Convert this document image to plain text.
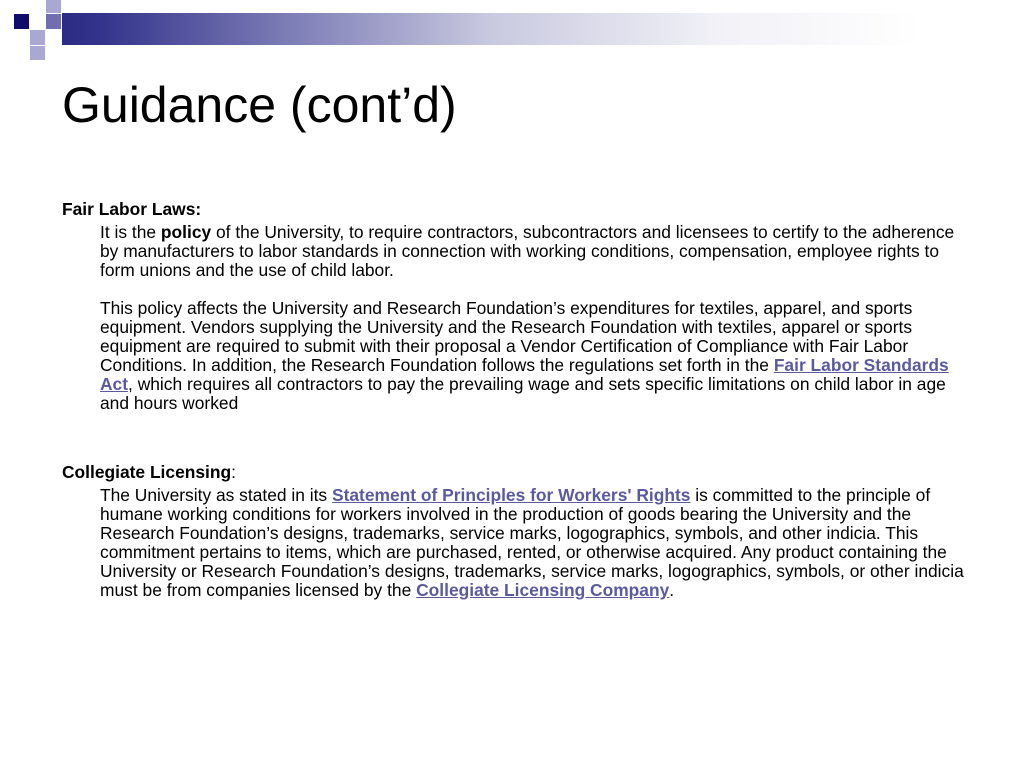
Guidance (cont’d)

Fair Labor Laws:

It is the policy of the University, to require contractors, subcontractors and licensees to certify to the adherence by manufacturers to labor standards in connection with working conditions, compensation, employee rights to form unions and the use of child labor.

This policy affects the University and Research Foundation’s expenditures for textiles, apparel, and sports equipment. Vendors supplying the University and the Research Foundation with textiles, apparel or sports equipment are required to submit with their proposal a Vendor Certification of Compliance with Fair Labor Conditions. In addition, the Research Foundation follows the regulations set forth in the Fair Labor Standards Act, which requires all contractors to pay the prevailing wage and sets specific limitations on child labor in age and hours worked

Collegiate Licensing:

The University as stated in its Statement of Principles for Workers' Rights is committed to the principle of humane working conditions for workers involved in the production of goods bearing the University and the Research Foundation’s designs, trademarks, service marks, logographics, symbols, and other indicia. This commitment pertains to items, which are purchased, rented, or otherwise acquired. Any product containing the University or Research Foundation’s designs, trademarks, service marks, logographics, symbols, or other indicia must be from companies licensed by the Collegiate Licensing Company.
